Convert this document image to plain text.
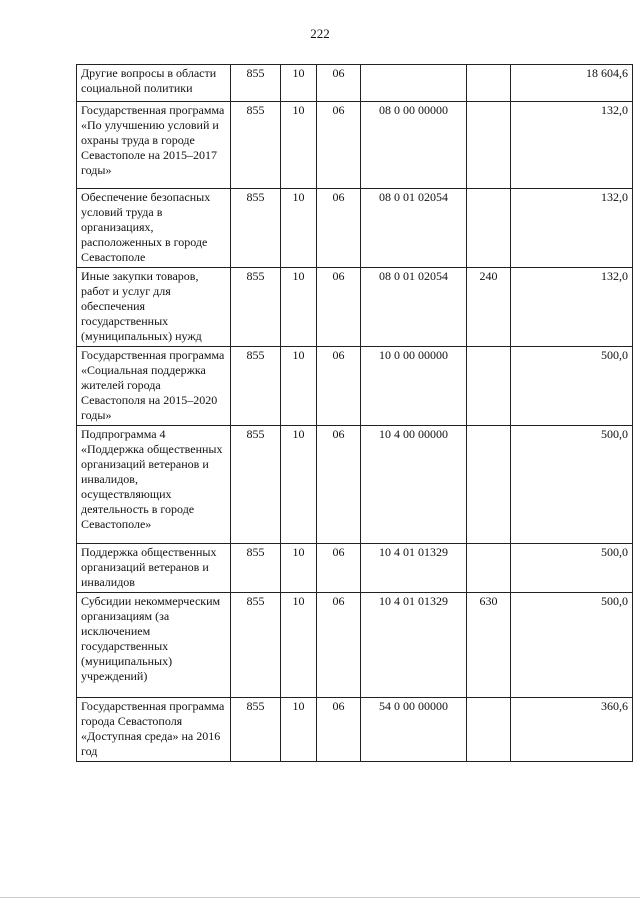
222
Другие вопросы в области социальной политики	855	10	06			18 604,6
Государственная программа «По улучшению условий и охраны труда в городе Севастополе на 2015–2017 годы»	855	10	06	08 0 00 00000		132,0
Обеспечение безопасных условий труда в организациях, расположенных в городе Севастополе	855	10	06	08 0 01 02054		132,0
Иные закупки товаров, работ и услуг для обеспечения государственных (муниципальных) нужд	855	10	06	08 0 01 02054	240	132,0
Государственная программа «Социальная поддержка жителей города Севастополя на 2015–2020 годы»	855	10	06	10 0 00 00000		500,0
Подпрограмма 4 «Поддержка общественных организаций ветеранов и инвалидов, осуществляющих деятельность в городе Севастополе»	855	10	06	10 4 00 00000		500,0
Поддержка общественных организаций ветеранов и инвалидов	855	10	06	10 4 01 01329		500,0
Субсидии некоммерческим организациям (за исключением государственных (муниципальных) учреждений)	855	10	06	10 4 01 01329	630	500,0
Государственная программа города Севастополя «Доступная среда» на 2016 год	855	10	06	54 0 00 00000		360,6
